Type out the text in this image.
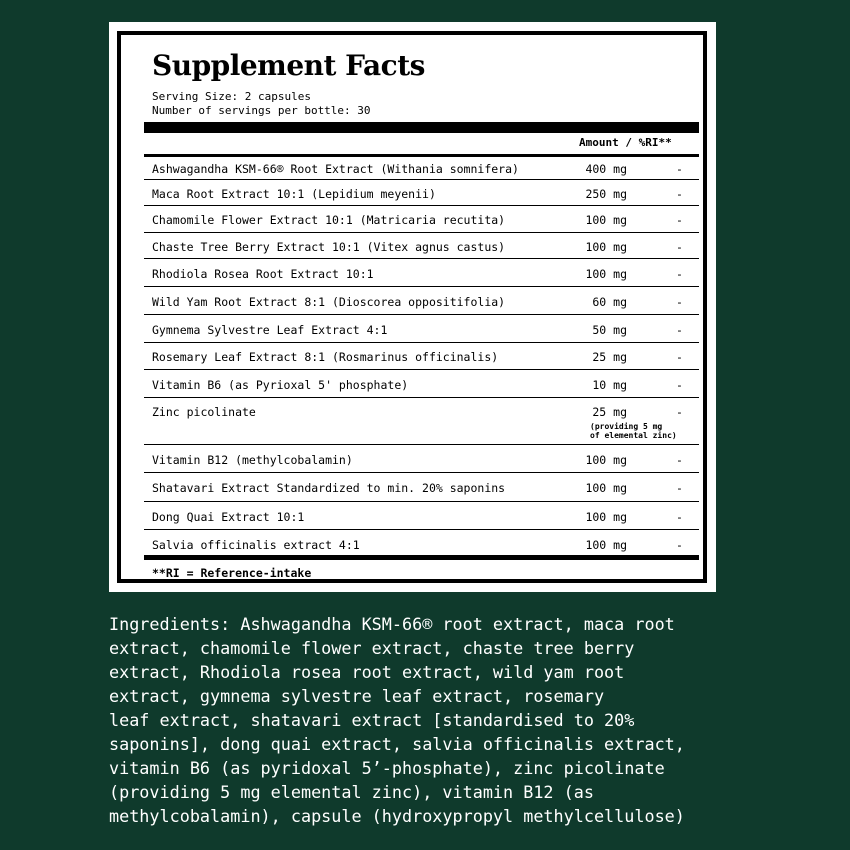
Supplement Facts
Serving Size: 2 capsules
Number of servings per bottle: 30
Amount / %RI**
Ashwagandha KSM-66® Root Extract (Withania somnifera)	400 mg	-
Maca Root Extract 10:1 (Lepidium meyenii)	250 mg	-
Chamomile Flower Extract 10:1 (Matricaria recutita)	100 mg	-
Chaste Tree Berry Extract 10:1 (Vitex agnus castus)	100 mg	-
Rhodiola Rosea Root Extract 10:1	100 mg	-
Wild Yam Root Extract 8:1 (Dioscorea oppositifolia)	60 mg	-
Gymnema Sylvestre Leaf Extract 4:1	50 mg	-
Rosemary Leaf Extract 8:1 (Rosmarinus officinalis)	25 mg	-
Vitamin B6 (as Pyrioxal 5' phosphate)	10 mg	-
Zinc picolinate	25 mg	-
(providing 5 mg
of elemental zinc)
Vitamin B12 (methylcobalamin)	100 mg	-
Shatavari Extract Standardized to min. 20% saponins	100 mg	-
Dong Quai Extract 10:1	100 mg	-
Salvia officinalis extract 4:1	100 mg	-
**RI = Reference-intake
Ingredients: Ashwagandha KSM-66® root extract, maca root
extract, chamomile flower extract, chaste tree berry
extract, Rhodiola rosea root extract, wild yam root
extract, gymnema sylvestre leaf extract, rosemary
leaf extract, shatavari extract [standardised to 20%
saponins], dong quai extract, salvia officinalis extract,
vitamin B6 (as pyridoxal 5’-phosphate), zinc picolinate
(providing 5 mg elemental zinc), vitamin B12 (as
methylcobalamin), capsule (hydroxypropyl methylcellulose)
